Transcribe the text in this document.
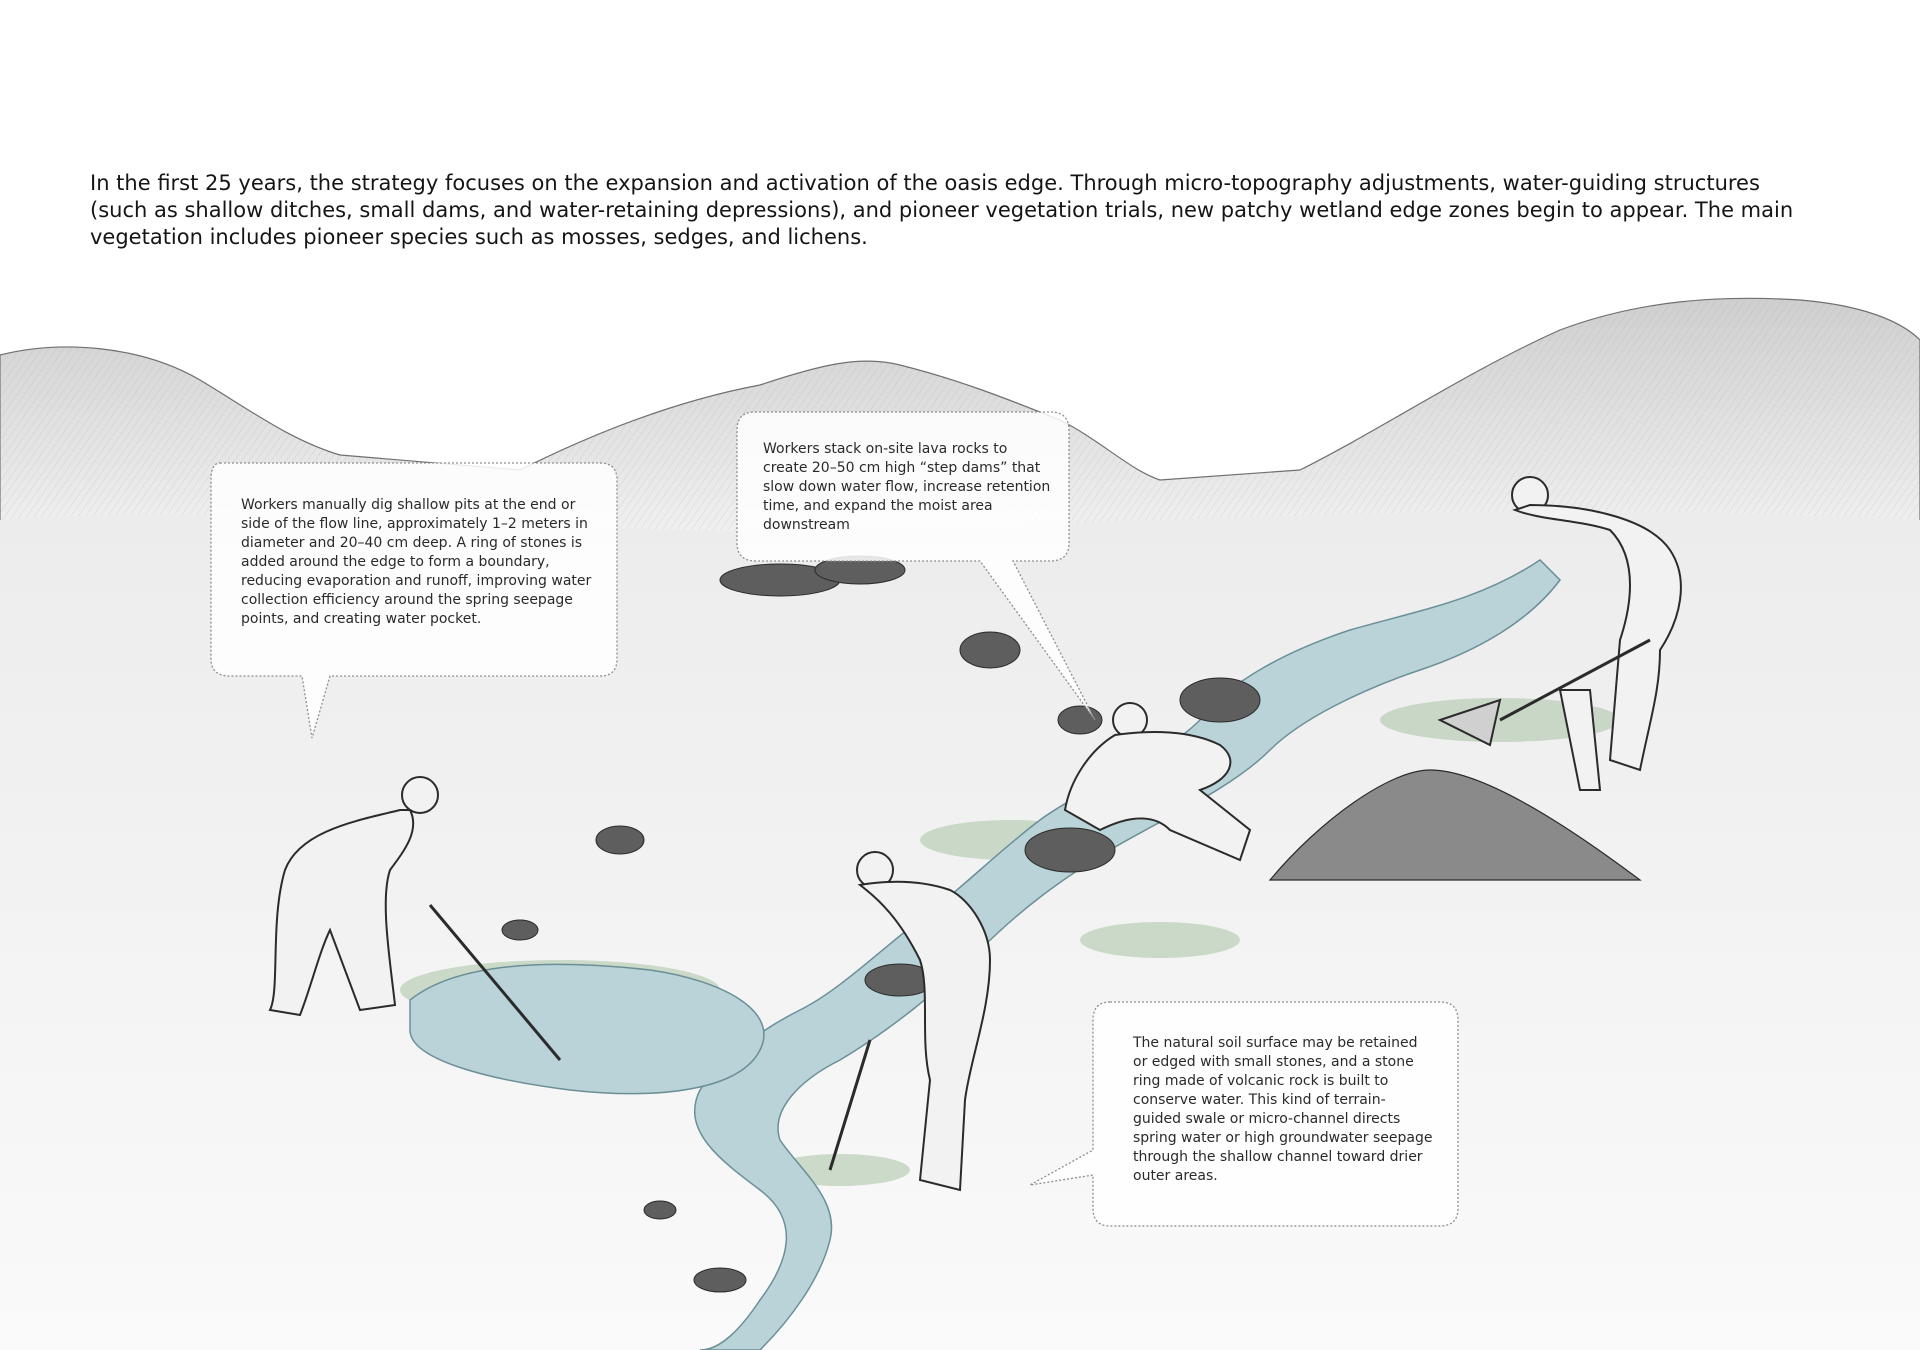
In the first 25 years, the strategy focuses on the expansion and activation of the oasis edge. Through micro-topography adjustments, water-guiding structures (such as shallow ditches, small dams, and water-retaining depressions), and pioneer vegetation trials, new patchy wetland edge zones begin to appear. The main vegetation includes pioneer species such as mosses, sedges, and lichens.

Workers manually dig shallow pits at the end or side of the flow line, approximately 1–2 meters in diameter and 20–40 cm deep. A ring of stones is added around the edge to form a boundary, reducing evaporation and runoff, improving water collection efficiency around the spring seepage points, and creating water pocket.

Workers stack on-site lava rocks to create 20–50 cm high “step dams” that slow down water flow, increase retention time, and expand the moist area downstream

The natural soil surface may be retained or edged with small stones, and a stone ring made of volcanic rock is built to conserve water. This kind of terrain-guided swale or micro-channel directs spring water or high groundwater seepage through the shallow channel toward drier outer areas.
